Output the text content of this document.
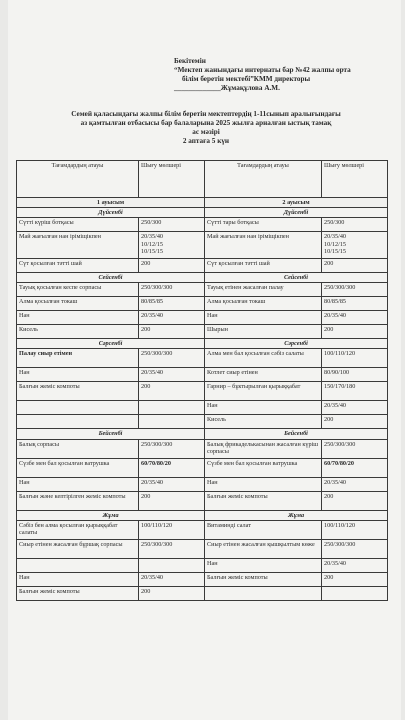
Бекітемін
“Мектеп жанындағы интернаты бар №42 жалпы орта
білім беретін мектебі”КММ директоры
_____________Жұмақұлова А.М.
Семей қаласындағы жалпы білім беретін мектептердің 1-11сынып аралығындағы
аз қамтылған отбасысы бар балаларына 2025 жылға арналған ыстық тамақ
ас мәзірі
2 аптаға 5 күн
Тағамдардың атауы	Шығу мөлшері	Тағамдардың атауы	Шығу мөлшері
1 ауысым		2 ауысым	
Дүйсенбі		Дүйсенбі	
Сүтті күріш ботқасы	250/300	Сүтті тары ботқасы	250/300
Май жағылған нан іріміщікпен	20/35/40
10/12/15
10/15/15	Май жағылған нан іріміщікпен	20/35/40
10/12/15
10/15/15
Сүт қосылған тәтті шай	200	Сүт қосылған тәтті шай	200
Сейсенбі		Сейсенбі	
Тауық қосылған кеспе сорпасы	250/300/300	Тауық етінен жасалған палау	250/300/300
Алма қосылған токаш	80/85/85	Алма қосылған токаш	80/85/85
Нан	20/35/40	Нан	20/35/40
Кисель	200	Шырын	200
Сәрсенбі		Сәрсенбі	
Палау сиыр етімен	250/300/300	Алма мен бал қосылған сәбіз салаты	100/110/120
Нан	20/35/40	Котлет сиыр етінен	80/90/100
Балғын жеміс компоты	200	Гарнир – бұктырылған қырыққабат	150/170/180
		Нан	20/35/40
		Кисель	200
Бейсенбі		Бейсенбі	
Балық сорпасы	250/300/300	Балық фрикаделькасынан жасалған күріш сорпасы	250/300/300
Сүзбе мен бал қосылған ватрушка	60/70/80/20	Сүзбе мен бал қосылған ватрушка	60/70/80/20
Нан	20/35/40	Нан	20/35/40
Балғын және кептірілген жеміс компоты	200	Балғын жеміс компоты	200
Жұма		Жұма	
Сәбіз бен алма қосылған қырыққабат салаты	100/110/120	Витаминді салат	100/110/120
Сиыр етінен жасалған бұршақ сорпасы	250/300/300	Сиыр етінен жасалған қышқылтым көже	250/300/300
		Нан	20/35/40
Нан	20/35/40	Балғын жеміс компоты	200
Балғын жеміс компоты	200		
